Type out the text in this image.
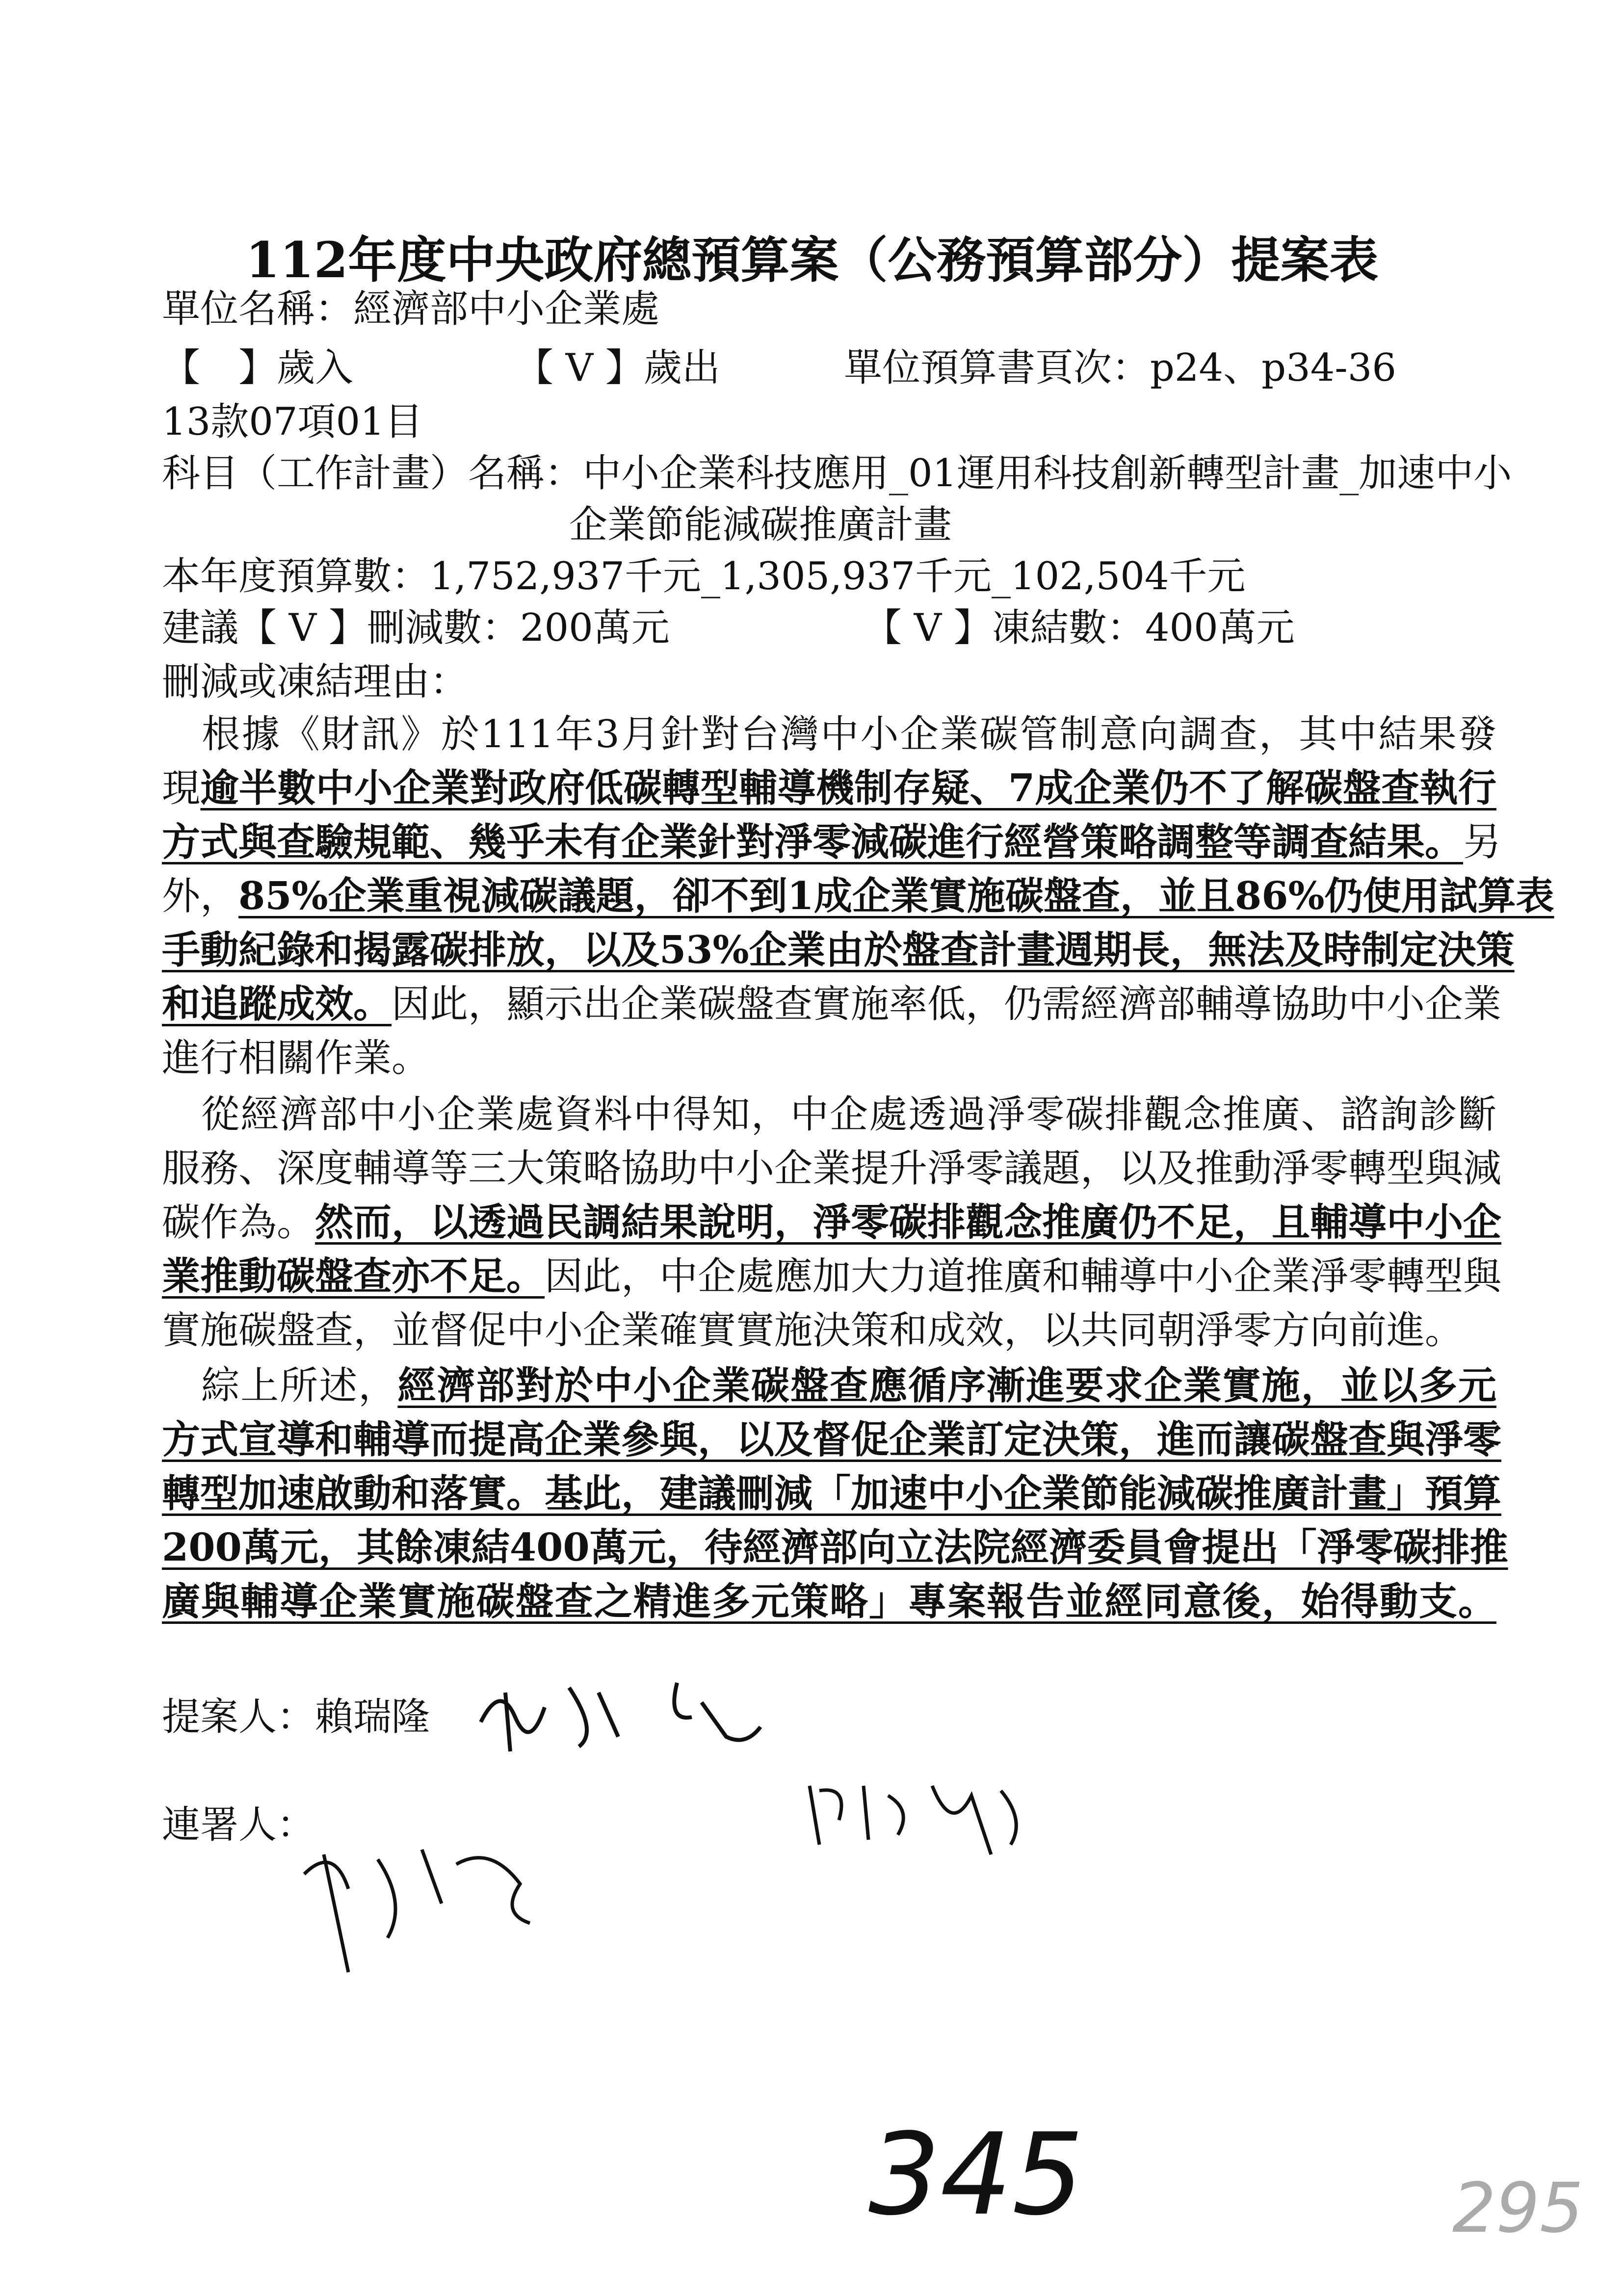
112年度中央政府總預算案（公務預算部分）提案表
單位名稱：經濟部中小企業處
【　】歲入	【 V 】歲出	單位預算書頁次：p24、p34-36
13款07項01目
科目（工作計畫）名稱：中小企業科技應用_01運用科技創新轉型計畫_加速中小
企業節能減碳推廣計畫
本年度預算數：1,752,937千元_1,305,937千元_102,504千元
建議【 V 】刪減數：200萬元	【 V 】凍結數：400萬元
刪減或凍結理由：
　根據《財訊》於111年3月針對台灣中小企業碳管制意向調查，其中結果發
現逾半數中小企業對政府低碳轉型輔導機制存疑、7成企業仍不了解碳盤查執行
方式與查驗規範、幾乎未有企業針對淨零減碳進行經營策略調整等調查結果。另
外，85%企業重視減碳議題，卻不到1成企業實施碳盤查，並且86%仍使用試算表
手動紀錄和揭露碳排放，以及53%企業由於盤查計畫週期長，無法及時制定決策
和追蹤成效。因此，顯示出企業碳盤查實施率低，仍需經濟部輔導協助中小企業
進行相關作業。
　從經濟部中小企業處資料中得知，中企處透過淨零碳排觀念推廣、諮詢診斷
服務、深度輔導等三大策略協助中小企業提升淨零議題，以及推動淨零轉型與減
碳作為。然而，以透過民調結果說明，淨零碳排觀念推廣仍不足，且輔導中小企
業推動碳盤查亦不足。因此，中企處應加大力道推廣和輔導中小企業淨零轉型與
實施碳盤查，並督促中小企業確實實施決策和成效，以共同朝淨零方向前進。
　綜上所述，經濟部對於中小企業碳盤查應循序漸進要求企業實施，並以多元
方式宣導和輔導而提高企業參與，以及督促企業訂定決策，進而讓碳盤查與淨零
轉型加速啟動和落實。基此，建議刪減「加速中小企業節能減碳推廣計畫」預算
200萬元，其餘凍結400萬元，待經濟部向立法院經濟委員會提出「淨零碳排推
廣與輔導企業實施碳盤查之精進多元策略」專案報告並經同意後，始得動支。
提案人：賴瑞隆
連署人：
345	295
